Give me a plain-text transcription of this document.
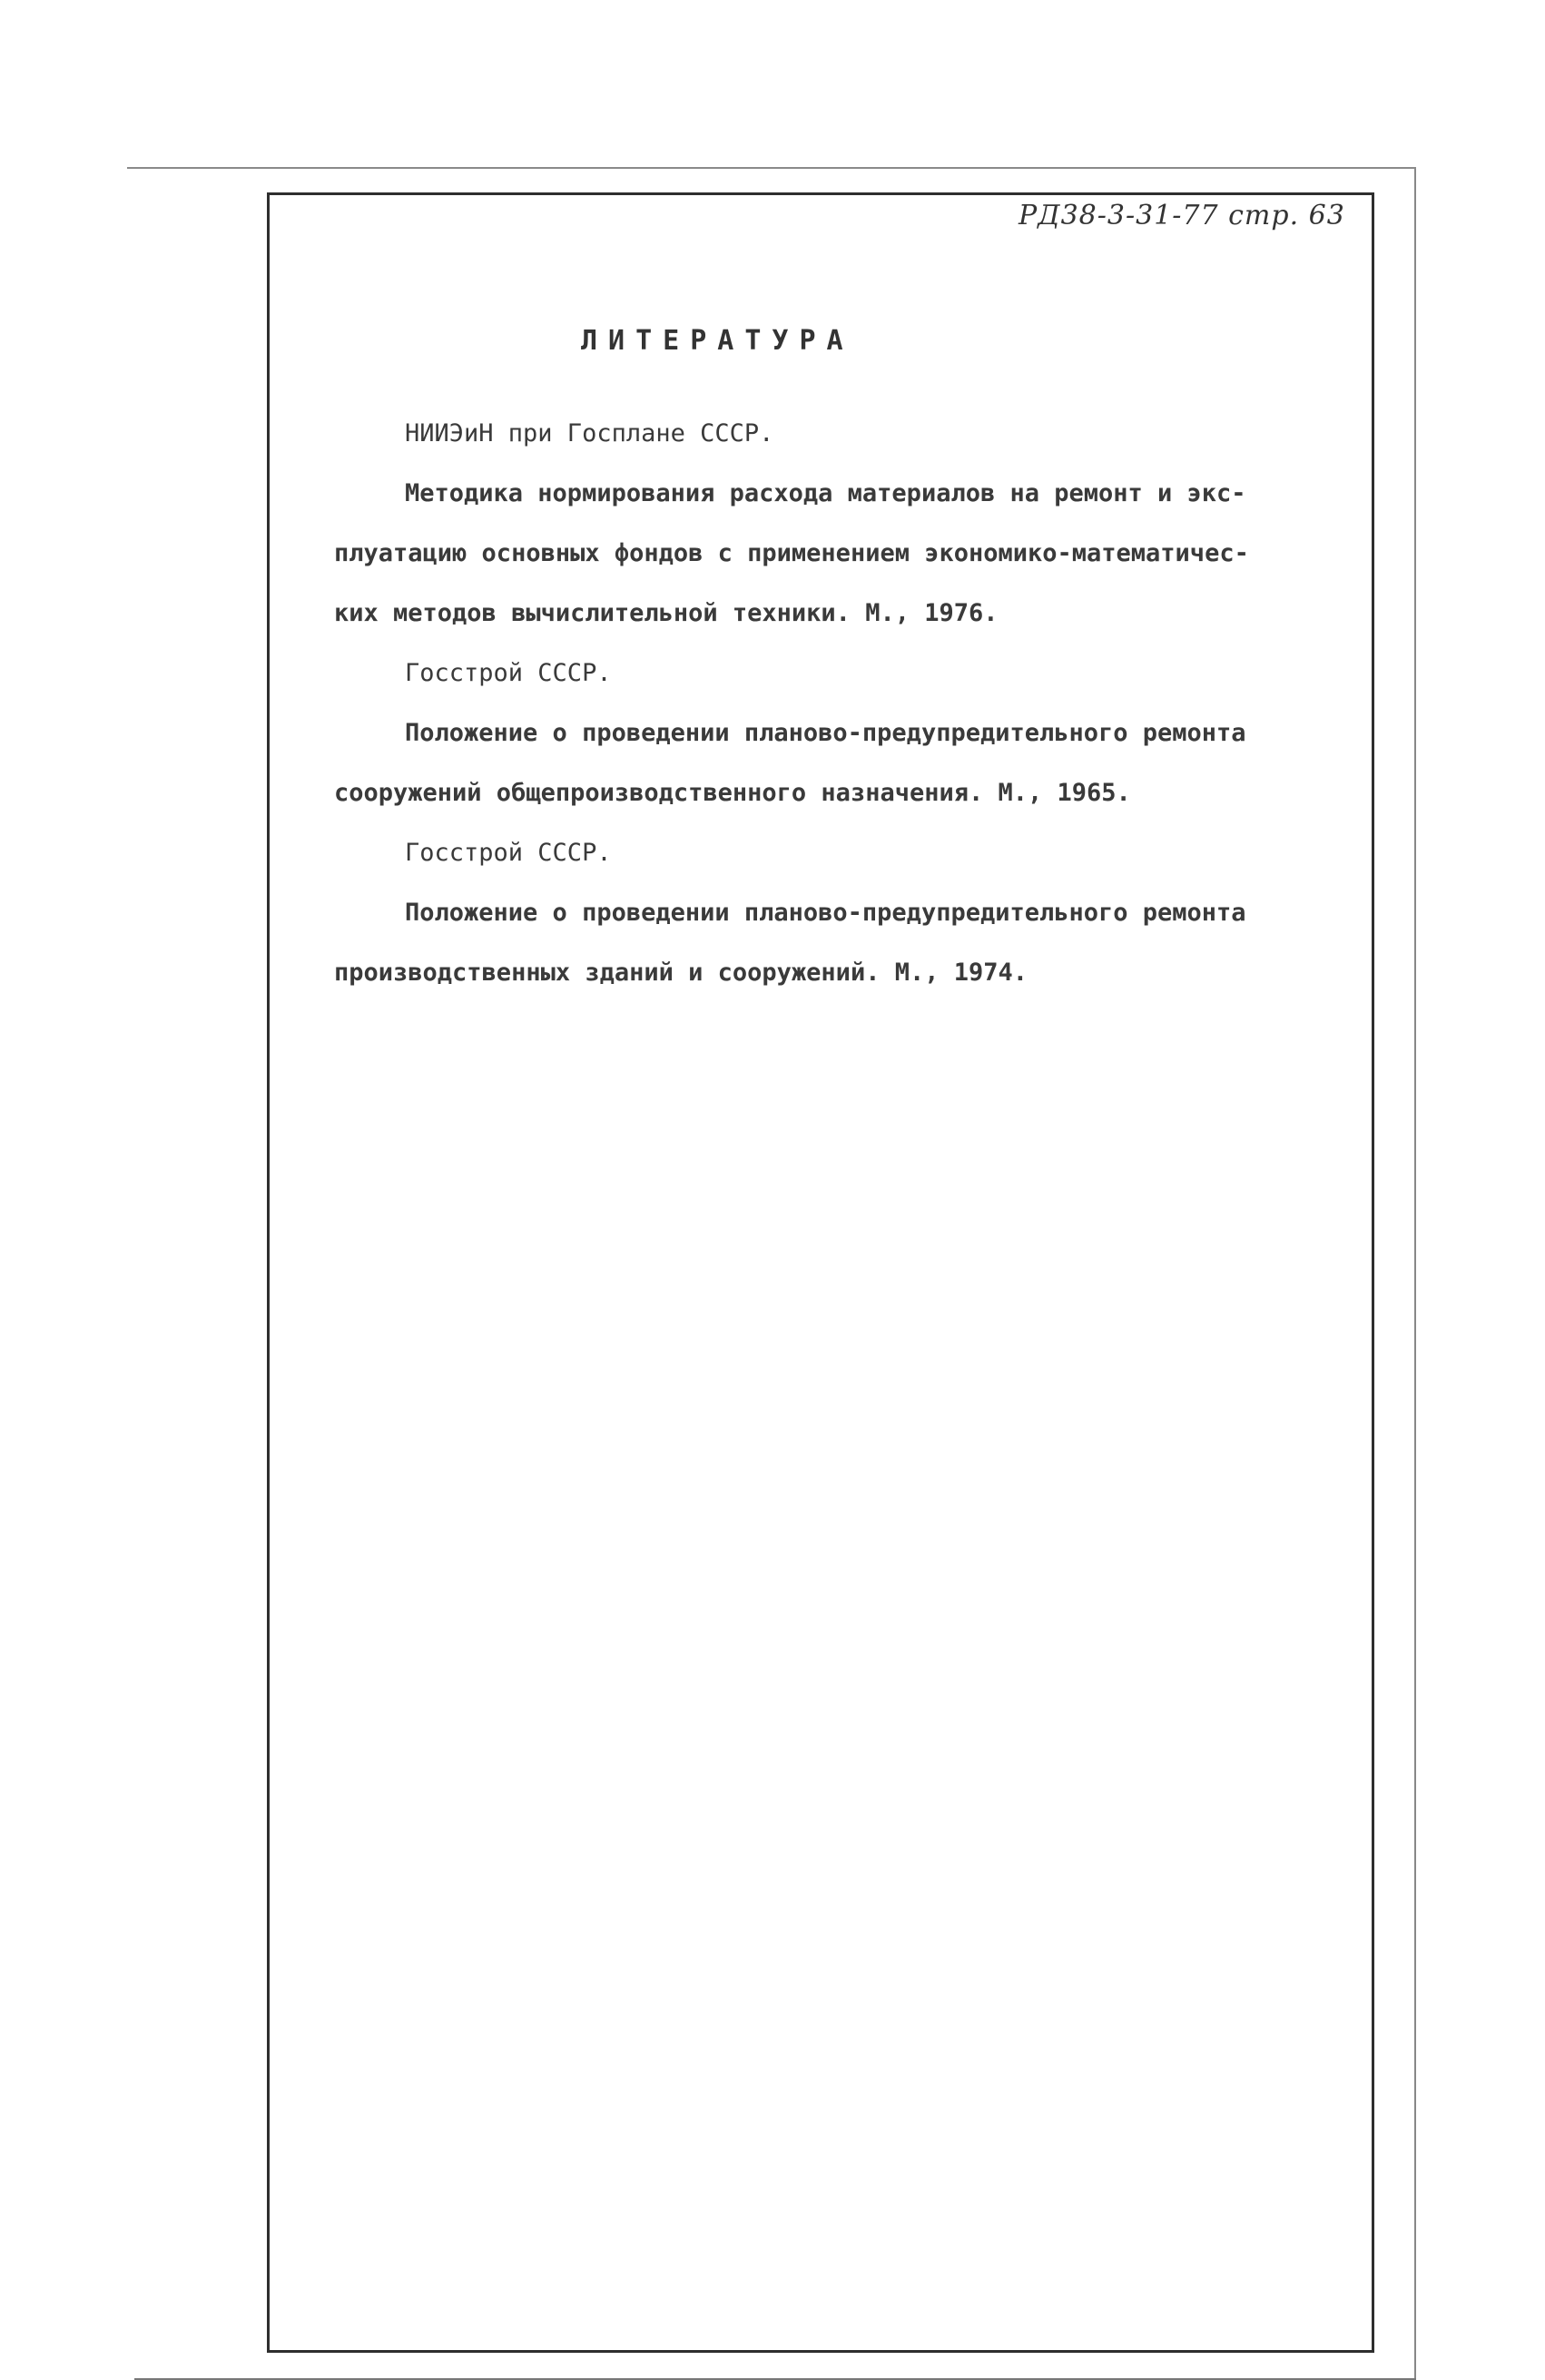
РД38-3-31-77 стр. 63
ЛИТЕРАТУРА
НИИЭиН при Госплане СССР.
Методика нормирования расхода материалов на ремонт и экс-
плуатацию основных фондов с применением экономико-математичес-
ких методов вычислительной техники. М., 1976.
Госстрой СССР.
Положение о проведении планово-предупредительного ремонта
сооружений общепроизводственного назначения. М., 1965.
Госстрой СССР.
Положение о проведении планово-предупредительного ремонта
производственных зданий и сооружений. М., 1974.
